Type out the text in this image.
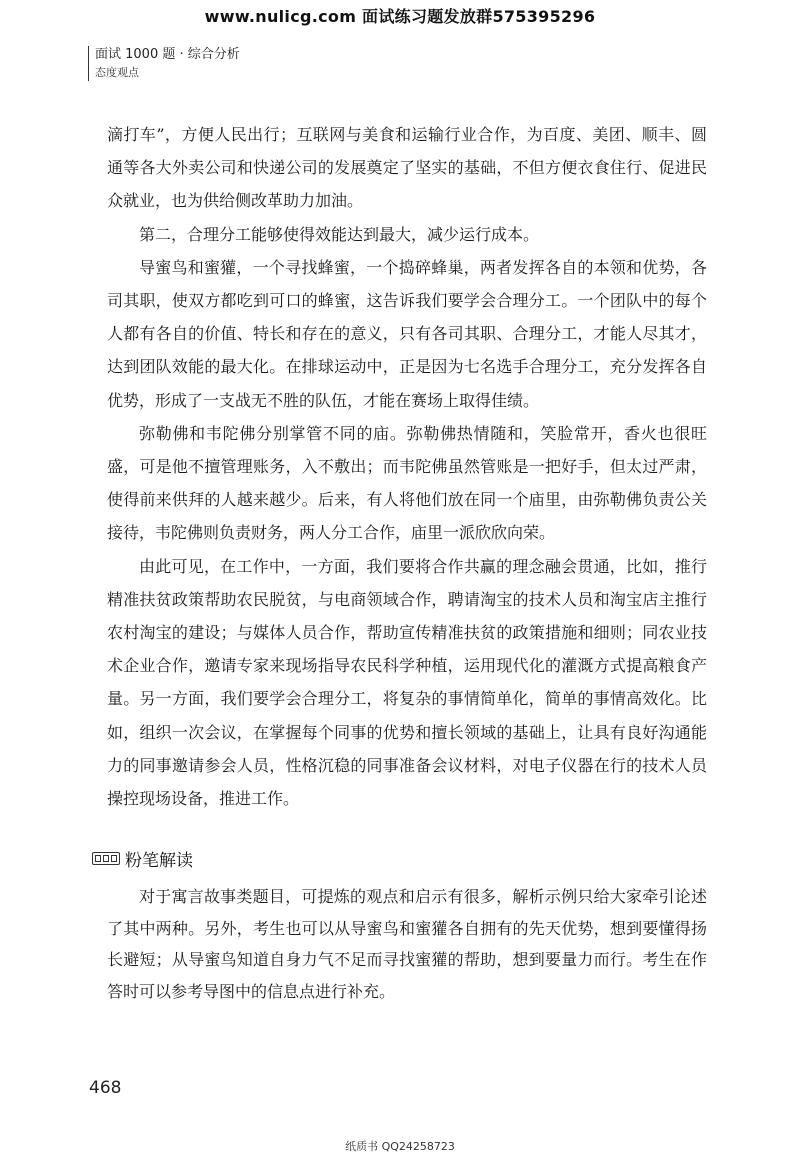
www.nulicg.com 面试练习题发放群575395296
面试 1000 题 · 综合分析
态度观点

滴打车”，方便人民出行；互联网与美食和运输行业合作，为百度、美团、顺丰、圆通等各大外卖公司和快递公司的发展奠定了坚实的基础，不但方便衣食住行、促进民众就业，也为供给侧改革助力加油。

第二，合理分工能够使得效能达到最大，减少运行成本。

导蜜鸟和蜜獾，一个寻找蜂蜜，一个捣碎蜂巢，两者发挥各自的本领和优势，各司其职，使双方都吃到可口的蜂蜜，这告诉我们要学会合理分工。一个团队中的每个人都有各自的价值、特长和存在的意义，只有各司其职、合理分工，才能人尽其才，达到团队效能的最大化。在排球运动中，正是因为七名选手合理分工，充分发挥各自优势，形成了一支战无不胜的队伍，才能在赛场上取得佳绩。

弥勒佛和韦陀佛分别掌管不同的庙。弥勒佛热情随和，笑脸常开，香火也很旺盛，可是他不擅管理账务，入不敷出；而韦陀佛虽然管账是一把好手，但太过严肃，使得前来供拜的人越来越少。后来，有人将他们放在同一个庙里，由弥勒佛负责公关接待，韦陀佛则负责财务，两人分工合作，庙里一派欣欣向荣。

由此可见，在工作中，一方面，我们要将合作共赢的理念融会贯通，比如，推行精准扶贫政策帮助农民脱贫，与电商领域合作，聘请淘宝的技术人员和淘宝店主推行农村淘宝的建设；与媒体人员合作，帮助宣传精准扶贫的政策措施和细则；同农业技术企业合作，邀请专家来现场指导农民科学种植，运用现代化的灌溉方式提高粮食产量。另一方面，我们要学会合理分工，将复杂的事情简单化，简单的事情高效化。比如，组织一次会议，在掌握每个同事的优势和擅长领域的基础上，让具有良好沟通能力的同事邀请参会人员，性格沉稳的同事准备会议材料，对电子仪器在行的技术人员操控现场设备，推进工作。

粉笔解读

对于寓言故事类题目，可提炼的观点和启示有很多，解析示例只给大家牵引论述了其中两种。另外，考生也可以从导蜜鸟和蜜獾各自拥有的先天优势，想到要懂得扬长避短；从导蜜鸟知道自身力气不足而寻找蜜獾的帮助，想到要量力而行。考生在作答时可以参考导图中的信息点进行补充。

468
纸质书 QQ24258723
